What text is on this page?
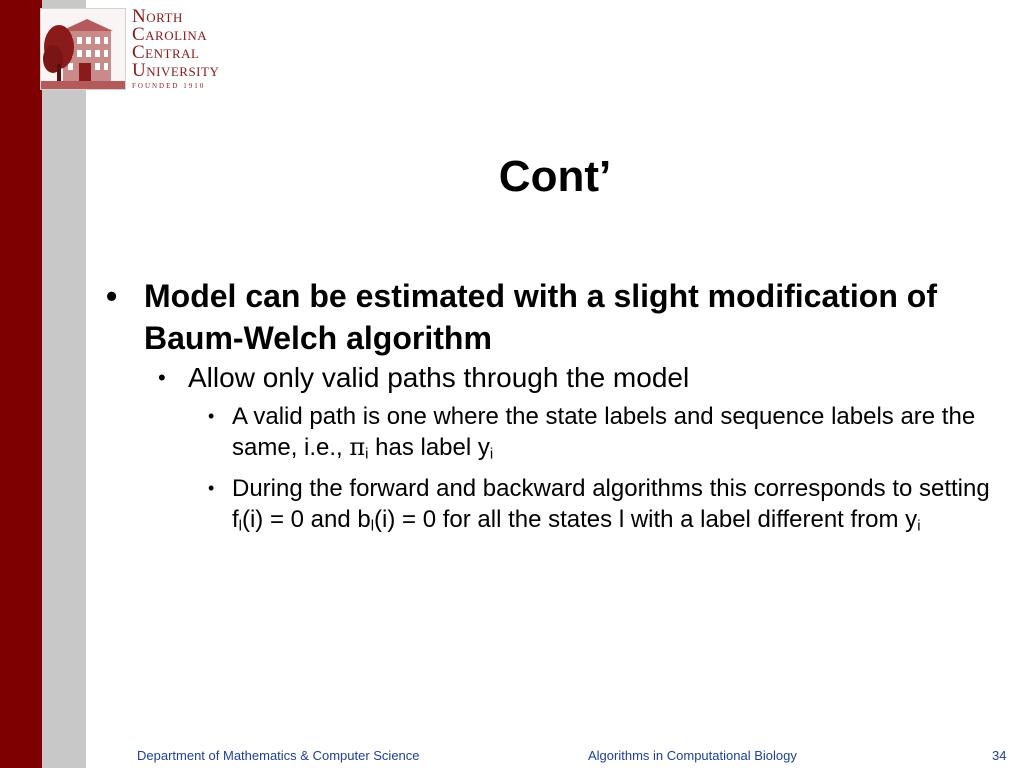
North
Carolina
Central
University
FOUNDED 1910
Cont’
• Model can be estimated with a slight modification of Baum-Welch algorithm
• Allow only valid paths through the model
• A valid path is one where the state labels and sequence labels are the same, i.e., $\pi_i$ has label $y_i$
• During the forward and backward algorithms this corresponds to setting $f_l(i) = 0$ and $b_l(i) = 0$ for all the states l with a label different from $y_i$
Department of Mathematics & Computer Science	Algorithms in Computational Biology	34
